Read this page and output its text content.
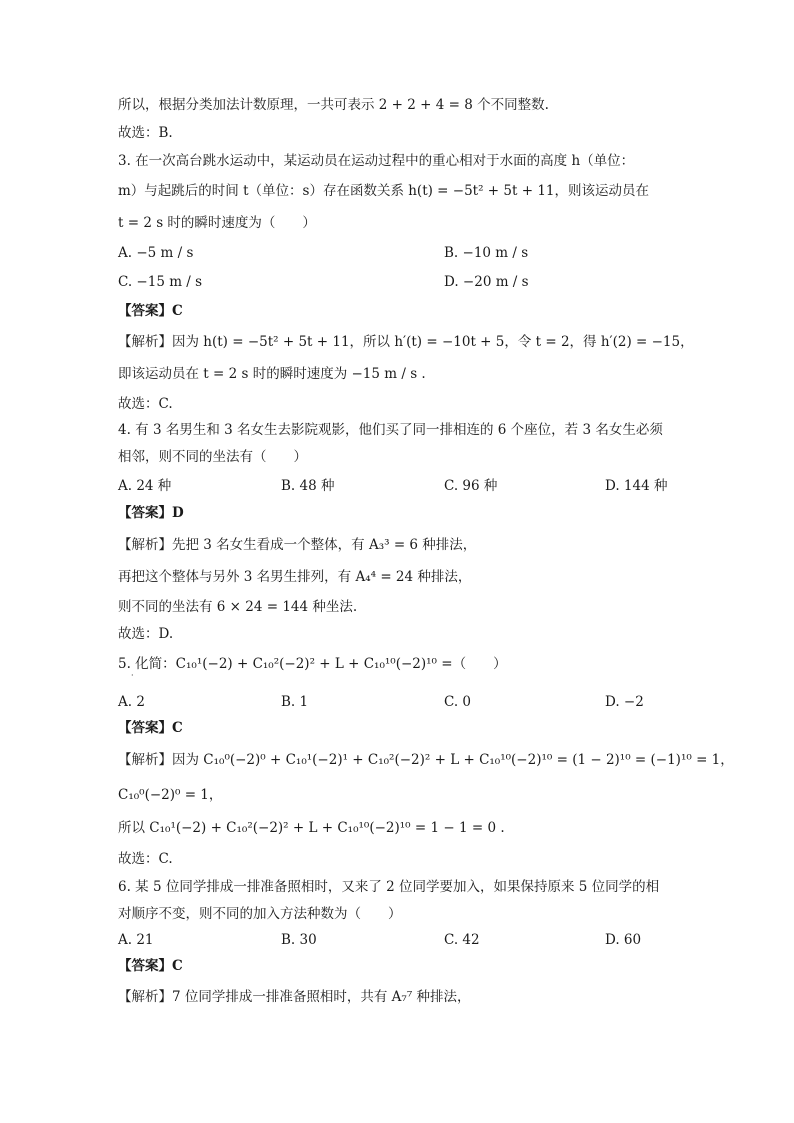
所以，根据分类加法计数原理，一共可表示 2 + 2 + 4 = 8 个不同整数.
故选：B.
3. 在一次高台跳水运动中，某运动员在运动过程中的重心相对于水面的高度 h（单位：
m）与起跳后的时间 t（单位：s）存在函数关系 h(t) = −5t² + 5t + 11，则该运动员在
t = 2 s 时的瞬时速度为（　　）
A. −5 m / s	B. −10 m / s
C. −15 m / s	D. −20 m / s
【答案】C
【解析】因为 h(t) = −5t² + 5t + 11，所以 h′(t) = −10t + 5，令 t = 2，得 h′(2) = −15，
即该运动员在 t = 2 s 时的瞬时速度为 −15 m / s .
故选：C.
4. 有 3 名男生和 3 名女生去影院观影，他们买了同一排相连的 6 个座位，若 3 名女生必须
相邻，则不同的坐法有（　　）
A. 24 种	B. 48 种	C. 96 种	D. 144 种
【答案】D
【解析】先把 3 名女生看成一个整体，有 A₃³ = 6 种排法，
再把这个整体与另外 3 名男生排列，有 A₄⁴ = 24 种排法，
则不同的坐法有 6 × 24 = 144 种坐法.
故选：D.
5. 化简：C₁₀¹(−2) + C₁₀²(−2)² + L + C₁₀¹⁰(−2)¹⁰ =（　　）
·
A. 2	B. 1	C. 0	D. −2
【答案】C
【解析】因为 C₁₀⁰(−2)⁰ + C₁₀¹(−2)¹ + C₁₀²(−2)² + L + C₁₀¹⁰(−2)¹⁰ = (1 − 2)¹⁰ = (−1)¹⁰ = 1，
C₁₀⁰(−2)⁰ = 1，
所以 C₁₀¹(−2) + C₁₀²(−2)² + L + C₁₀¹⁰(−2)¹⁰ = 1 − 1 = 0 .
故选：C.
6. 某 5 位同学排成一排准备照相时，又来了 2 位同学要加入，如果保持原来 5 位同学的相
对顺序不变，则不同的加入方法种数为（　　）
A. 21	B. 30	C. 42	D. 60
【答案】C
【解析】7 位同学排成一排准备照相时，共有 A₇⁷ 种排法，
